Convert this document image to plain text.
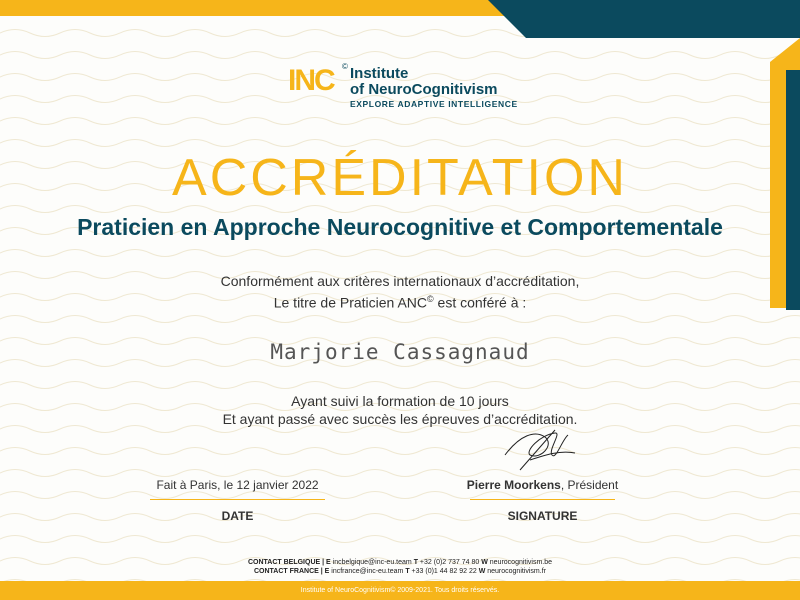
INC © Institute
of NeuroCognitivism
EXPLORE ADAPTIVE INTELLIGENCE
ACCRÉDITATION
Praticien en Approche Neurocognitive et Comportementale
Conformément aux critères internationaux d’accréditation,
Le titre de Praticien ANC© est conféré à :
Marjorie Cassagnaud
Ayant suivi la formation de 10 jours
Et ayant passé avec succès les épreuves d’accréditation.
Fait à Paris, le 12 janvier 2022
DATE
Pierre Moorkens, Président
SIGNATURE
CONTACT BELGIQUE | E incbelgique@inc-eu.team T +32 (0)2 737 74 80 W neurocognitivism.be
CONTACT FRANCE | E incfrance@inc-eu.team T +33 (0)1 44 82 92 22 W neurocognitivism.fr
Institute of NeuroCognitivism© 2009-2021. Tous droits réservés.
